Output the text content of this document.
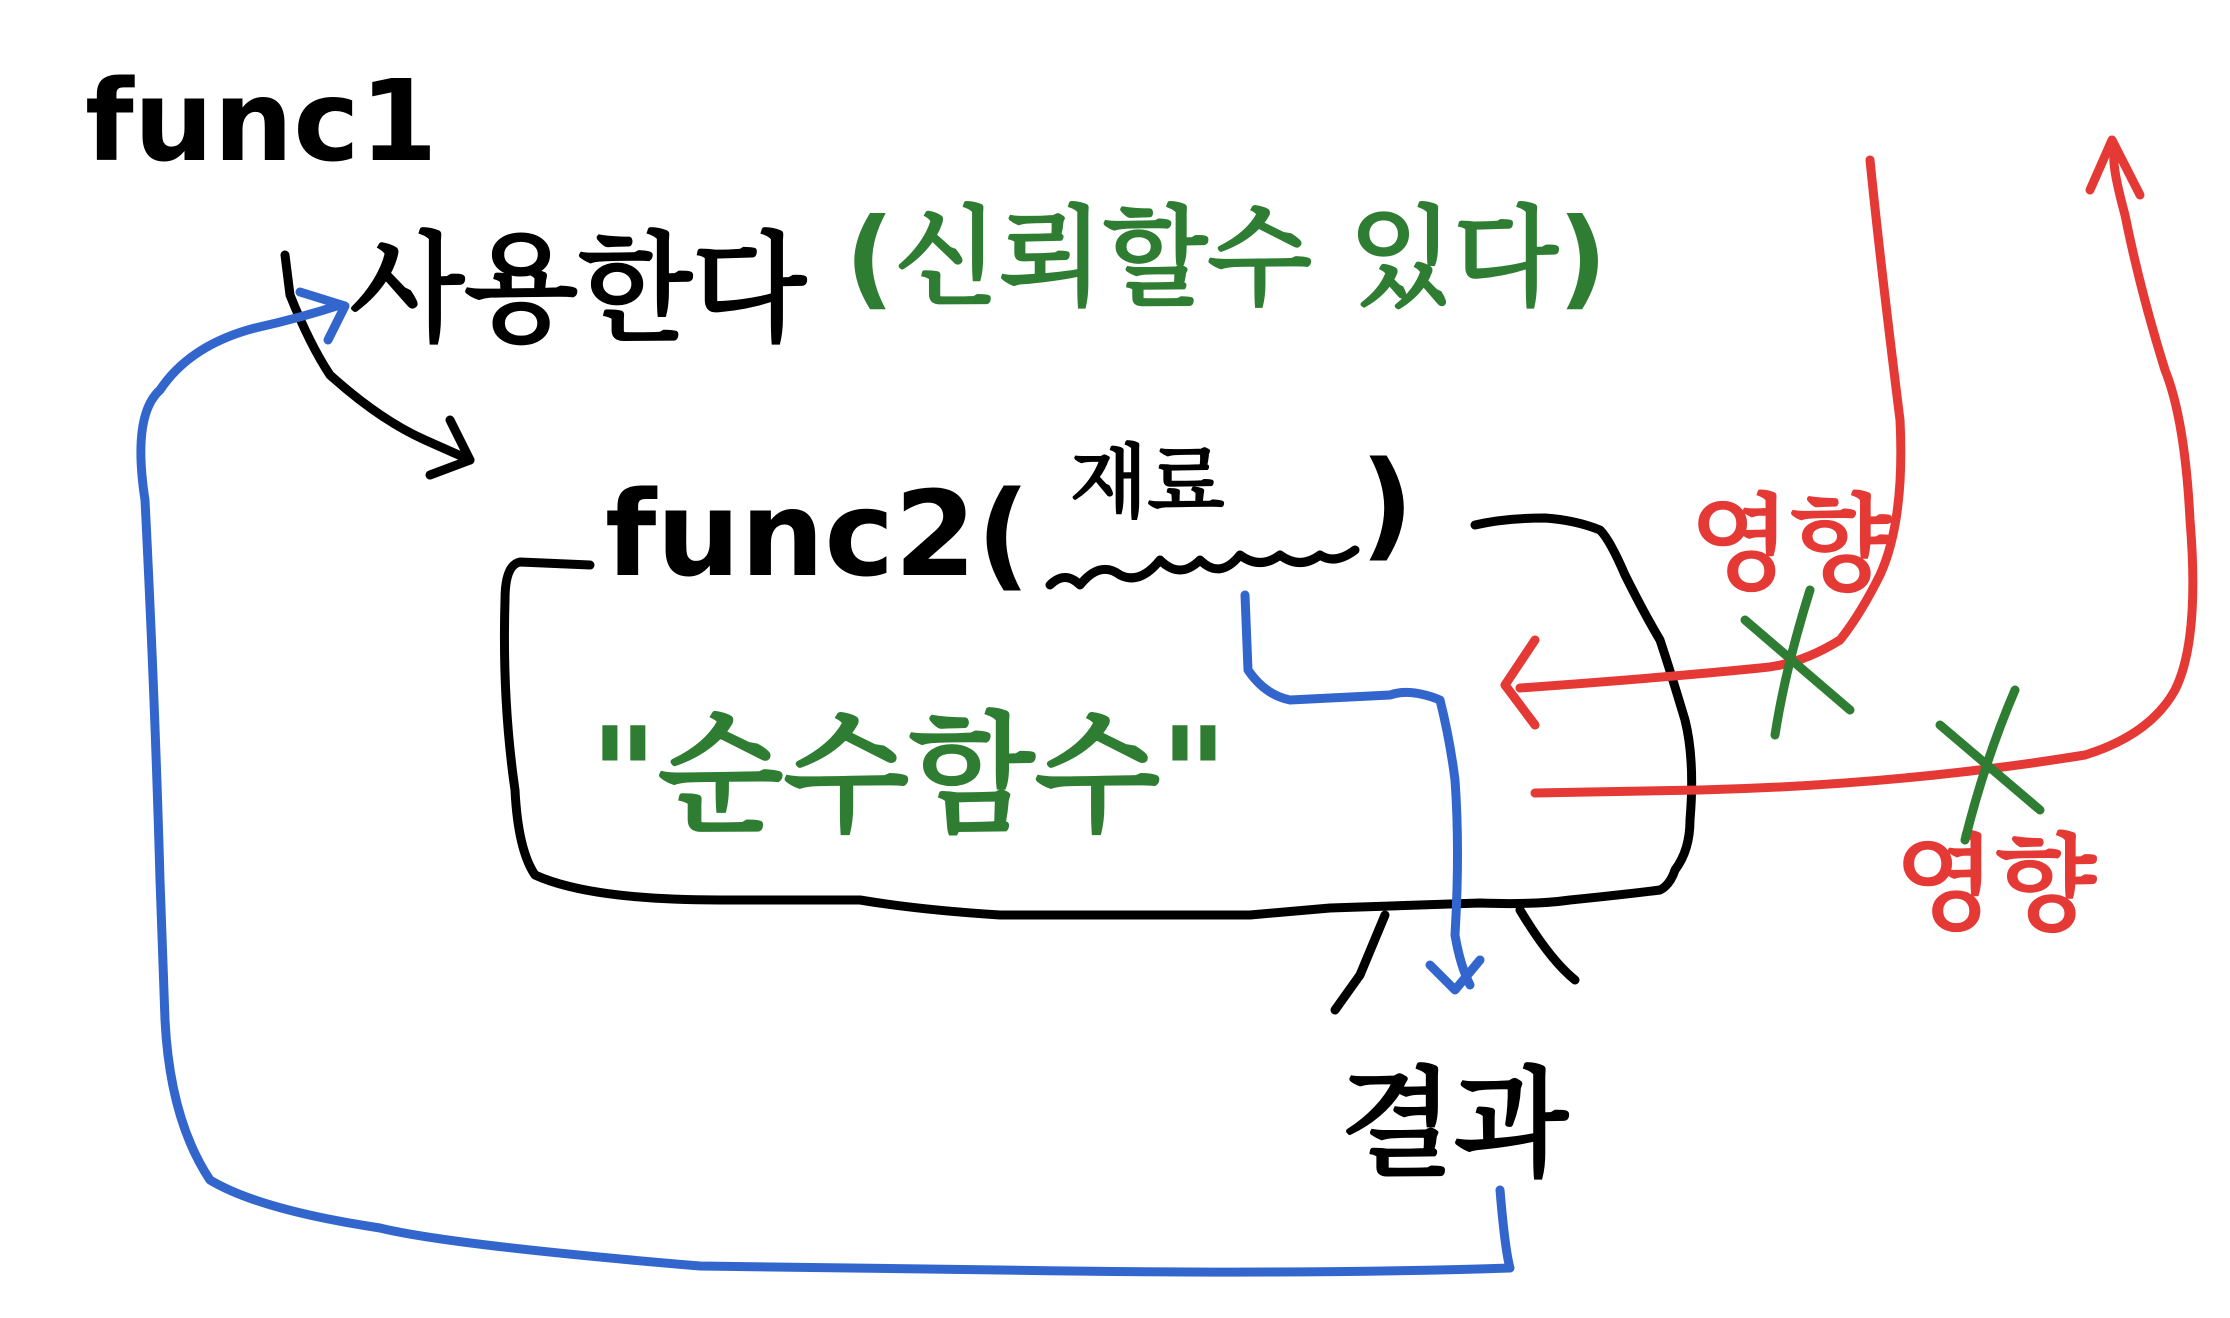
func1
사용한다
func2( 재료 )
결과
(신뢰할수 있다)
"순수함수"
영향
영향
